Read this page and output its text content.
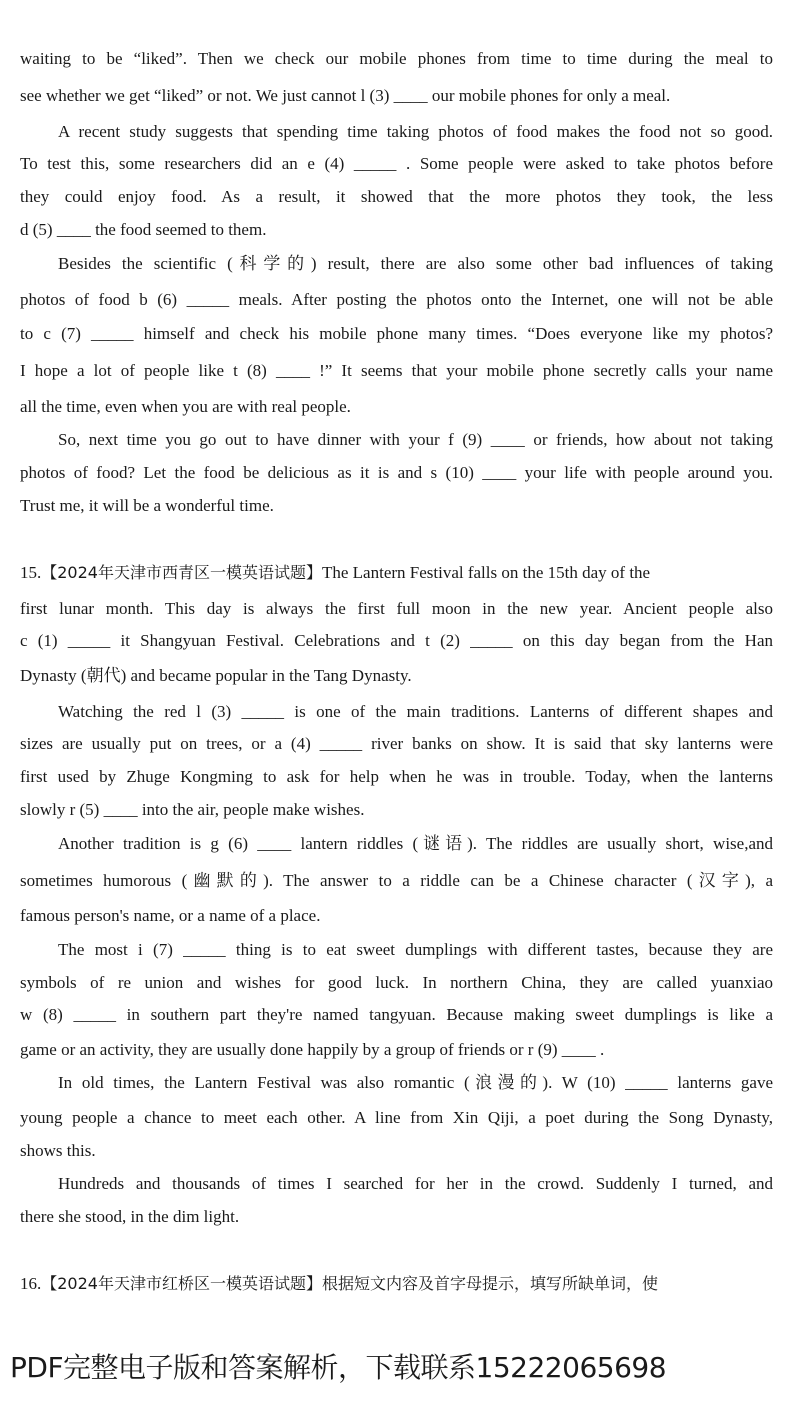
waiting to be “liked”. Then we check our mobile phones from time to time during the meal to
see whether we get “liked” or not. We just cannot l (3) ____ our mobile phones for only a meal.
A recent study suggests that spending time taking photos of food makes the food not so good.
To test this, some researchers did an e (4) _____ . Some people were asked to take photos before
they could enjoy food. As a result, it showed that the more photos they took, the less
d (5) ____ the food seemed to them.
Besides the scientific (科学的) result, there are also some other bad influences of taking
photos of food b (6) _____ meals. After posting the photos onto the Internet, one will not be able
to c (7) _____ himself and check his mobile phone many times. “Does everyone like my photos?
I hope a lot of people like t (8) ____ !” It seems that your mobile phone secretly calls your name
all the time, even when you are with real people.
So, next time you go out to have dinner with your f (9) ____ or friends, how about not taking
photos of food? Let the food be delicious as it is and s (10) ____ your life with people around you.
Trust me, it will be a wonderful time.
15.【2024年天津市西青区一模英语试题】The Lantern Festival falls on the 15th day of the
first lunar month. This day is always the first full moon in the new year. Ancient people also
c (1) _____ it Shangyuan Festival. Celebrations and t (2) _____ on this day began from the Han
Dynasty (朝代) and became popular in the Tang Dynasty.
Watching the red l (3) _____ is one of the main traditions. Lanterns of different shapes and
sizes are usually put on trees, or a (4) _____ river banks on show. It is said that sky lanterns were
first used by Zhuge Kongming to ask for help when he was in trouble. Today, when the lanterns
slowly r (5) ____ into the air, people make wishes.
Another tradition is g (6) ____ lantern riddles (谜语). The riddles are usually short, wise,and
sometimes humorous (幽默的). The answer to a riddle can be a Chinese character (汉字), a
famous person's name, or a name of a place.
The most i (7) _____ thing is to eat sweet dumplings with different tastes, because they are
symbols of re union and wishes for good luck. In northern China, they are called yuanxiao
w (8) _____ in southern part they're named tangyuan. Because making sweet dumplings is like a
game or an activity, they are usually done happily by a group of friends or r (9) ____ .
In old times, the Lantern Festival was also romantic (浪漫的). W (10) _____ lanterns gave
young people a chance to meet each other. A line from Xin Qiji, a poet during the Song Dynasty,
shows this.
Hundreds and thousands of times I searched for her in the crowd. Suddenly I turned, and
there she stood, in the dim light.
16.【2024年天津市红桥区一模英语试题】根据短文内容及首字母提示，填写所缺单词，使
PDF完整电子版和答案解析，下载联系15222065698
